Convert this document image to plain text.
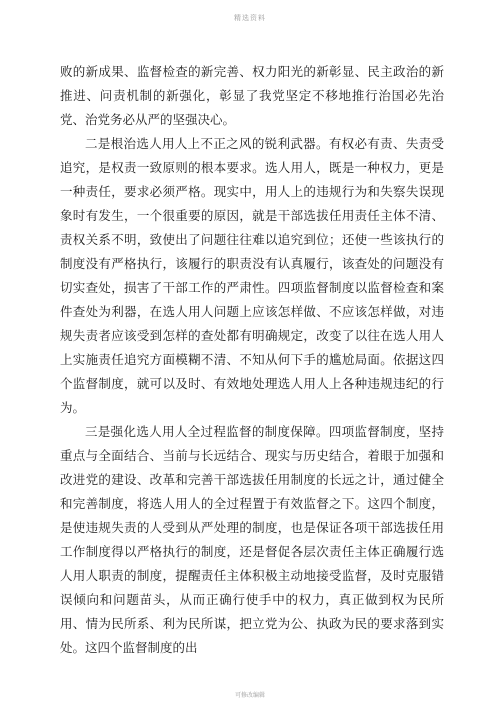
精选资料

败的新成果、监督检查的新完善、权力阳光的新彰显、民主政治的新推进、问责机制的新强化，彰显了我党坚定不移地推行治国必先治党、治党务必从严的坚强决心。

二是根治选人用人上不正之风的锐利武器。有权必有责、失责受追究，是权责一致原则的根本要求。选人用人，既是一种权力，更是一种责任，要求必须严格。现实中，用人上的违规行为和失察失误现象时有发生，一个很重要的原因，就是干部选拔任用责任主体不清、责权关系不明，致使出了问题往往难以追究到位；还使一些该执行的制度没有严格执行，该履行的职责没有认真履行，该查处的问题没有切实查处，损害了干部工作的严肃性。四项监督制度以监督检查和案件查处为利器，在选人用人问题上应该怎样做、不应该怎样做，对违规失责者应该受到怎样的查处都有明确规定，改变了以往在选人用人上实施责任追究方面模糊不清、不知从何下手的尴尬局面。依据这四个监督制度，就可以及时、有效地处理选人用人上各种违规违纪的行为。

三是强化选人用人全过程监督的制度保障。四项监督制度，坚持重点与全面结合、当前与长远结合、现实与历史结合，着眼于加强和改进党的建设、改革和完善干部选拔任用制度的长远之计，通过健全和完善制度，将选人用人的全过程置于有效监督之下。这四个制度，是使违规失责的人受到从严处理的制度，也是保证各项干部选拔任用工作制度得以严格执行的制度，还是督促各层次责任主体正确履行选人用人职责的制度，提醒责任主体积极主动地接受监督，及时克服错误倾向和问题苗头，从而正确行使手中的权力，真正做到权为民所用、情为民所系、利为民所谋，把立党为公、执政为民的要求落到实处。这四个监督制度的出

可修改编辑
